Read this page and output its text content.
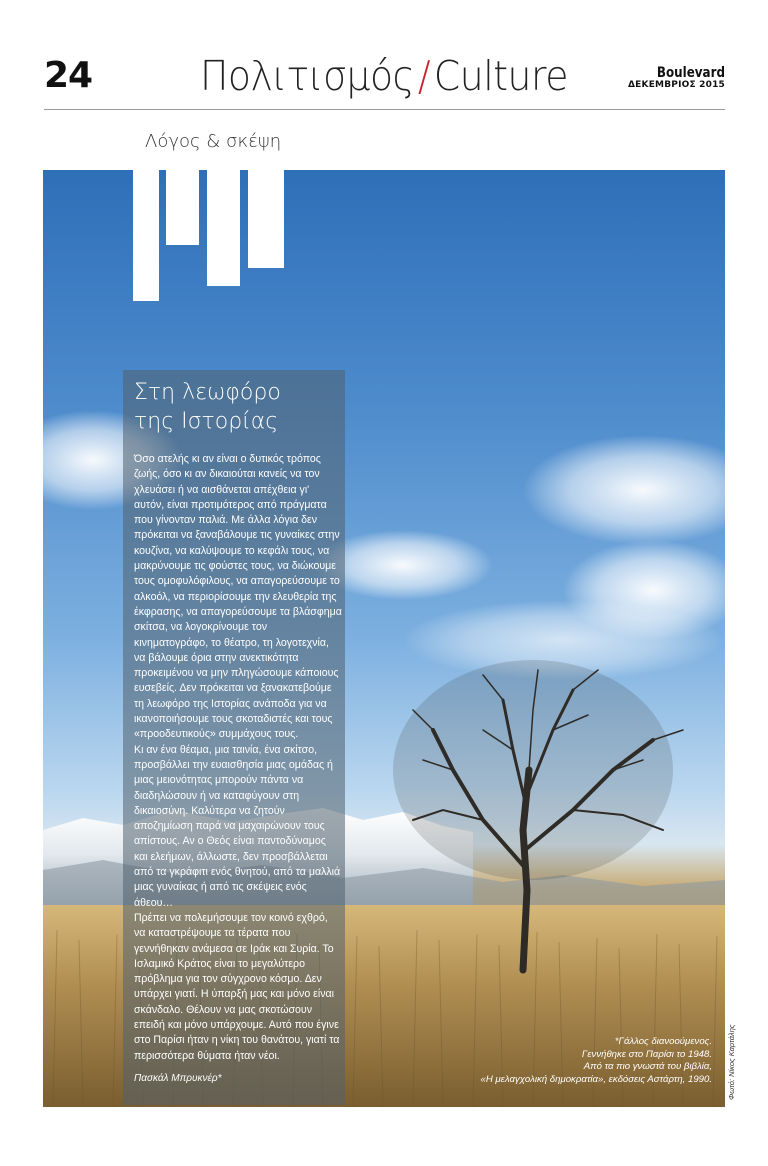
24	Πολιτισμός/Culture	Boulevard
ΔΕΚΕΜΒΡΙΟΣ 2015
Λόγος & σκέψη
Στη λεωφόρο
της Ιστορίας

Όσο ατελής κι αν είναι ο δυτικός τρόπος ζωής, όσο κι αν δικαιούται κανείς να τον χλευάσει ή να αισθάνεται απέχθεια γι' αυτόν, είναι προτιμότερος από πράγματα που γίνονταν παλιά. Με άλλα λόγια δεν πρόκειται να ξαναβάλουμε τις γυναίκες στην κουζίνα, να καλύψουμε το κεφάλι τους, να μακρύνουμε τις φούστες τους, να διώκουμε τους ομοφυλόφιλους, να απαγορεύσουμε το αλκοόλ, να περιορίσουμε την ελευθερία της έκφρασης, να απαγορεύσουμε τα βλάσφημα σκίτσα, να λογοκρίνουμε τον κινηματογράφο, το θέατρο, τη λογοτεχνία, να βάλουμε όρια στην ανεκτικότητα προκειμένου να μην πληγώσουμε κάποιους ευσεβείς. Δεν πρόκειται να ξανακατεβούμε τη λεωφόρο της Ιστορίας ανάποδα για να ικανοποιήσουμε τους σκοταδιστές και τους «προοδευτικούς» συμμάχους τους.

Κι αν ένα θέαμα, μια ταινία, ένα σκίτσο, προσβάλλει την ευαισθησία μιας ομάδας ή μιας μειονότητας μπορούν πάντα να διαδηλώσουν ή να καταφύγουν στη δικαιοσύνη. Καλύτερα να ζητούν αποζημίωση παρά να μαχαιρώνουν τους απίστους. Αν ο Θεός είναι παντοδύναμος και ελεήμων, άλλωστε, δεν προσβάλλεται από τα γκράφιτι ενός θνητού, από τα μαλλιά μιας γυναίκας ή από τις σκέψεις ενός άθεου…

Πρέπει να πολεμήσουμε τον κοινό εχθρό, να καταστρέψουμε τα τέρατα που γεννήθηκαν ανάμεσα σε Ιράκ και Συρία. Το Ισλαμικό Κράτος είναι το μεγαλύτερο πρόβλημα για τον σύγχρονο κόσμο. Δεν υπάρχει γιατί. Η ύπαρξή μας και μόνο είναι σκάνδαλο. Θέλουν να μας σκοτώσουν επειδή και μόνο υπάρχουμε. Αυτό που έγινε στο Παρίσι ήταν η νίκη του θανάτου, γιατί τα περισσότερα θύματα ήταν νέοι.

Πασκάλ Μπρυκνέρ*
*Γάλλος διανοούμενος.
Γεννήθηκε στο Παρίσι το 1948.
Από τα πιο γνωστά του βιβλία,
«Η μελαγχολική δημοκρατία», εκδόσεις Αστάρτη, 1990. Φωτό: Νίκος Καρτάλης
